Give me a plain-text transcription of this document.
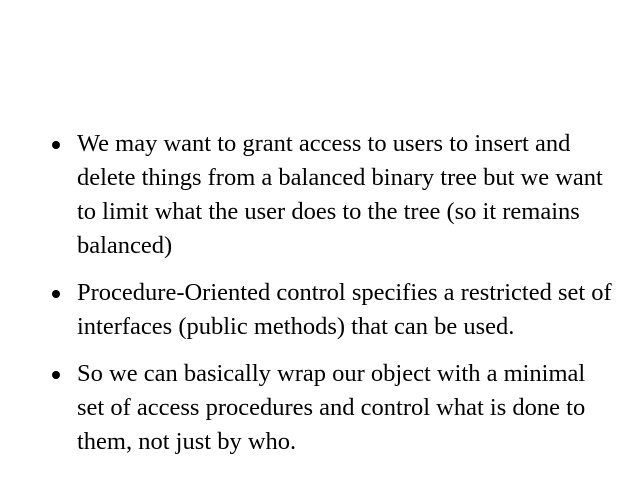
We may want to grant access to users to insert and delete things from a balanced binary tree but we want to limit what the user does to the tree (so it remains balanced)
Procedure-Oriented control specifies a restricted set of interfaces (public methods) that can be used.
So we can basically wrap our object with a minimal set of access procedures and control what is done to them, not just by who.
